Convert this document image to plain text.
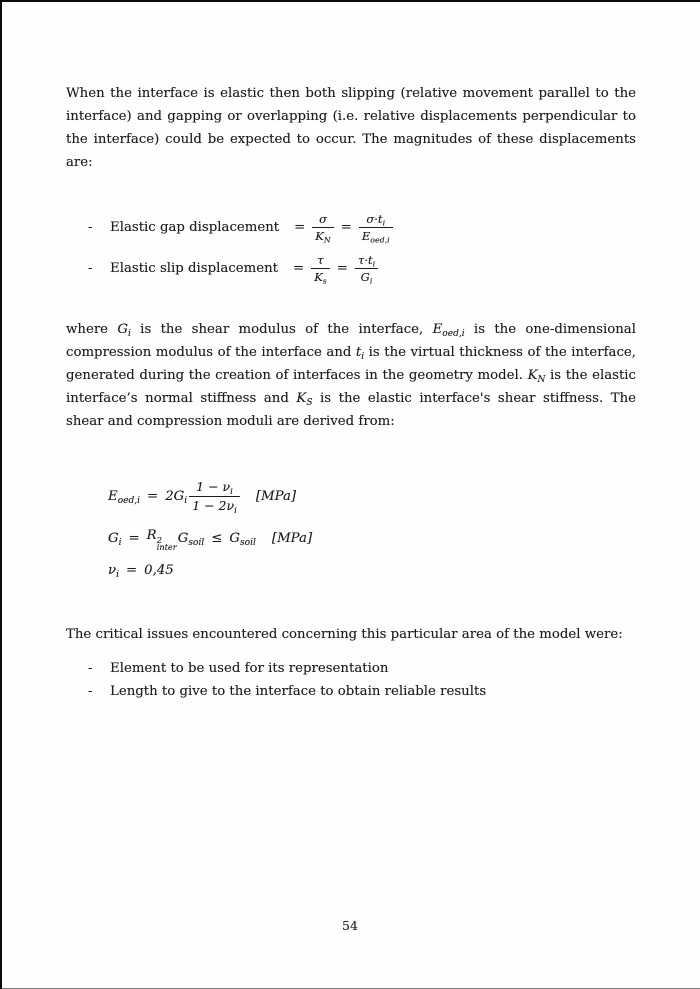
When the interface is elastic then both slipping (relative movement parallel to the interface) and gapping or overlapping (i.e. relative displacements perpendicular to the interface) could be expected to occur. The magnitudes of these displacements are:

-	Elastic gap displacement = $\frac{\sigma}{K_N} = \frac{\sigma\cdot t_i}{E_{oed,i}}$
-	Elastic slip displacement = $\frac{\tau}{K_s} = \frac{\tau\cdot t_i}{G_i}$

where $G_i$ is the shear modulus of the interface, $E_{oed,i}$ is the one-dimensional compression modulus of the interface and $t_i$ is the virtual thickness of the interface, generated during the creation of interfaces in the geometry model. $K_N$ is the elastic interface’s normal stiffness and $K_S$ is the elastic interface's shear stiffness. The shear and compression moduli are derived from:

$E_{oed,i} = 2G_i \frac{1 - \nu_i}{1 - 2\nu_i} [MPa]$
$G_i = R$ 2
inter
$G_{soil} \le G_{soil}$ [MPa]
$\nu_i = 0,45$

The critical issues encountered concerning this particular area of the model were:

-	Element to be used for its representation
-	Length to give to the interface to obtain reliable results
54
